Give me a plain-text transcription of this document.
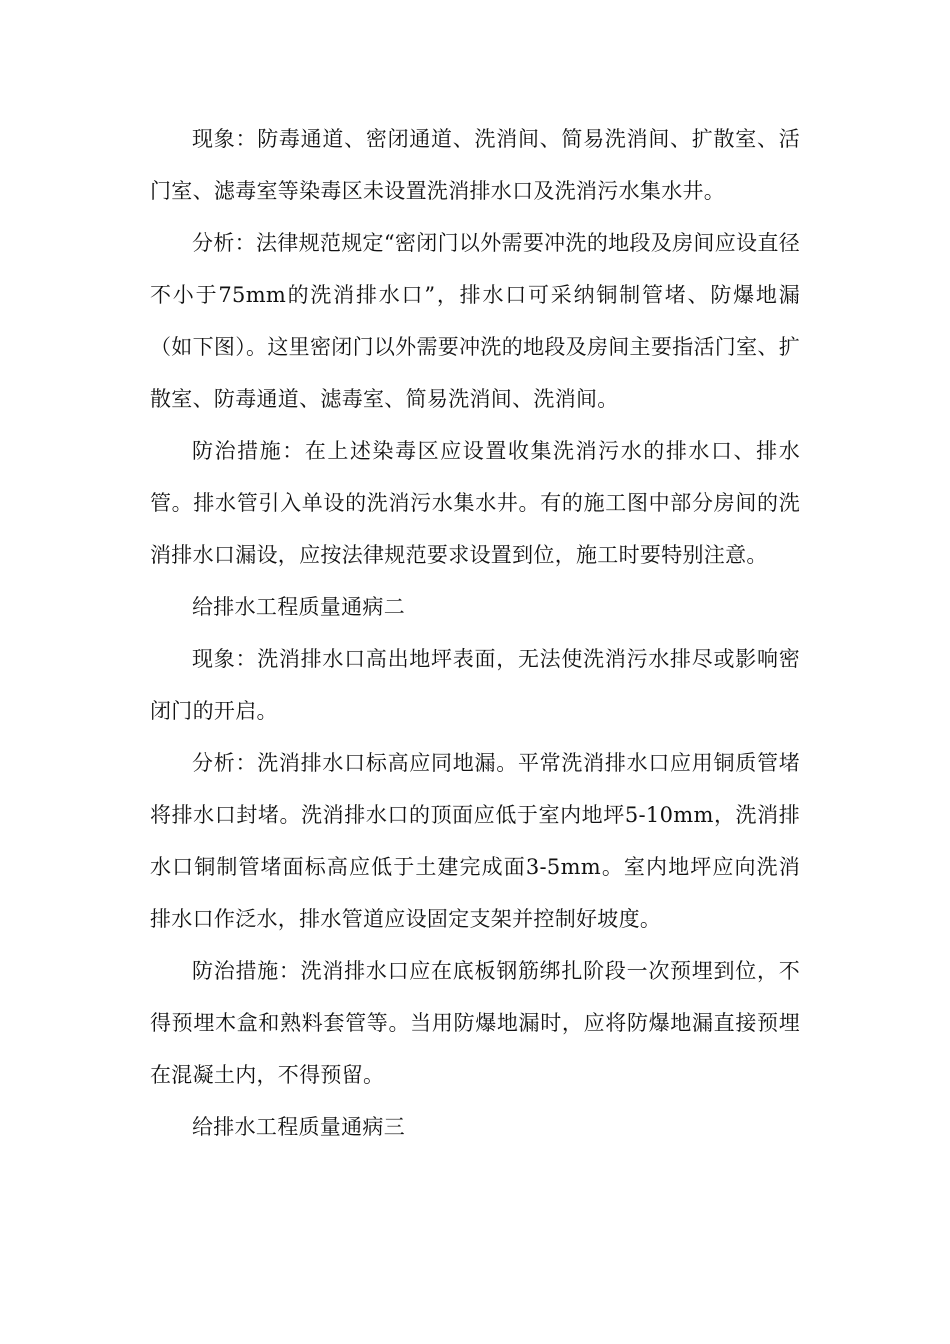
现象：防毒通道、密闭通道、洗消间、简易洗消间、扩散室、活门室、滤毒室等染毒区未设置洗消排水口及洗消污水集水井。

分析：法律规范规定“密闭门以外需要冲洗的地段及房间应设直径不小于75mm的洗消排水口”，排水口可采纳铜制管堵、防爆地漏（如下图）。这里密闭门以外需要冲洗的地段及房间主要指活门室、扩散室、防毒通道、滤毒室、简易洗消间、洗消间。

防治措施：在上述染毒区应设置收集洗消污水的排水口、排水管。排水管引入单设的洗消污水集水井。有的施工图中部分房间的洗消排水口漏设，应按法律规范要求设置到位，施工时要特别注意。

给排水工程质量通病二

现象：洗消排水口高出地坪表面，无法使洗消污水排尽或影响密闭门的开启。

分析：洗消排水口标高应同地漏。平常洗消排水口应用铜质管堵将排水口封堵。洗消排水口的顶面应低于室内地坪5-10mm，洗消排水口铜制管堵面标高应低于土建完成面3-5mm。室内地坪应向洗消排水口作泛水，排水管道应设固定支架并控制好坡度。

防治措施：洗消排水口应在底板钢筋绑扎阶段一次预埋到位，不得预埋木盒和熟料套管等。当用防爆地漏时，应将防爆地漏直接预埋在混凝土内，不得预留。

给排水工程质量通病三
